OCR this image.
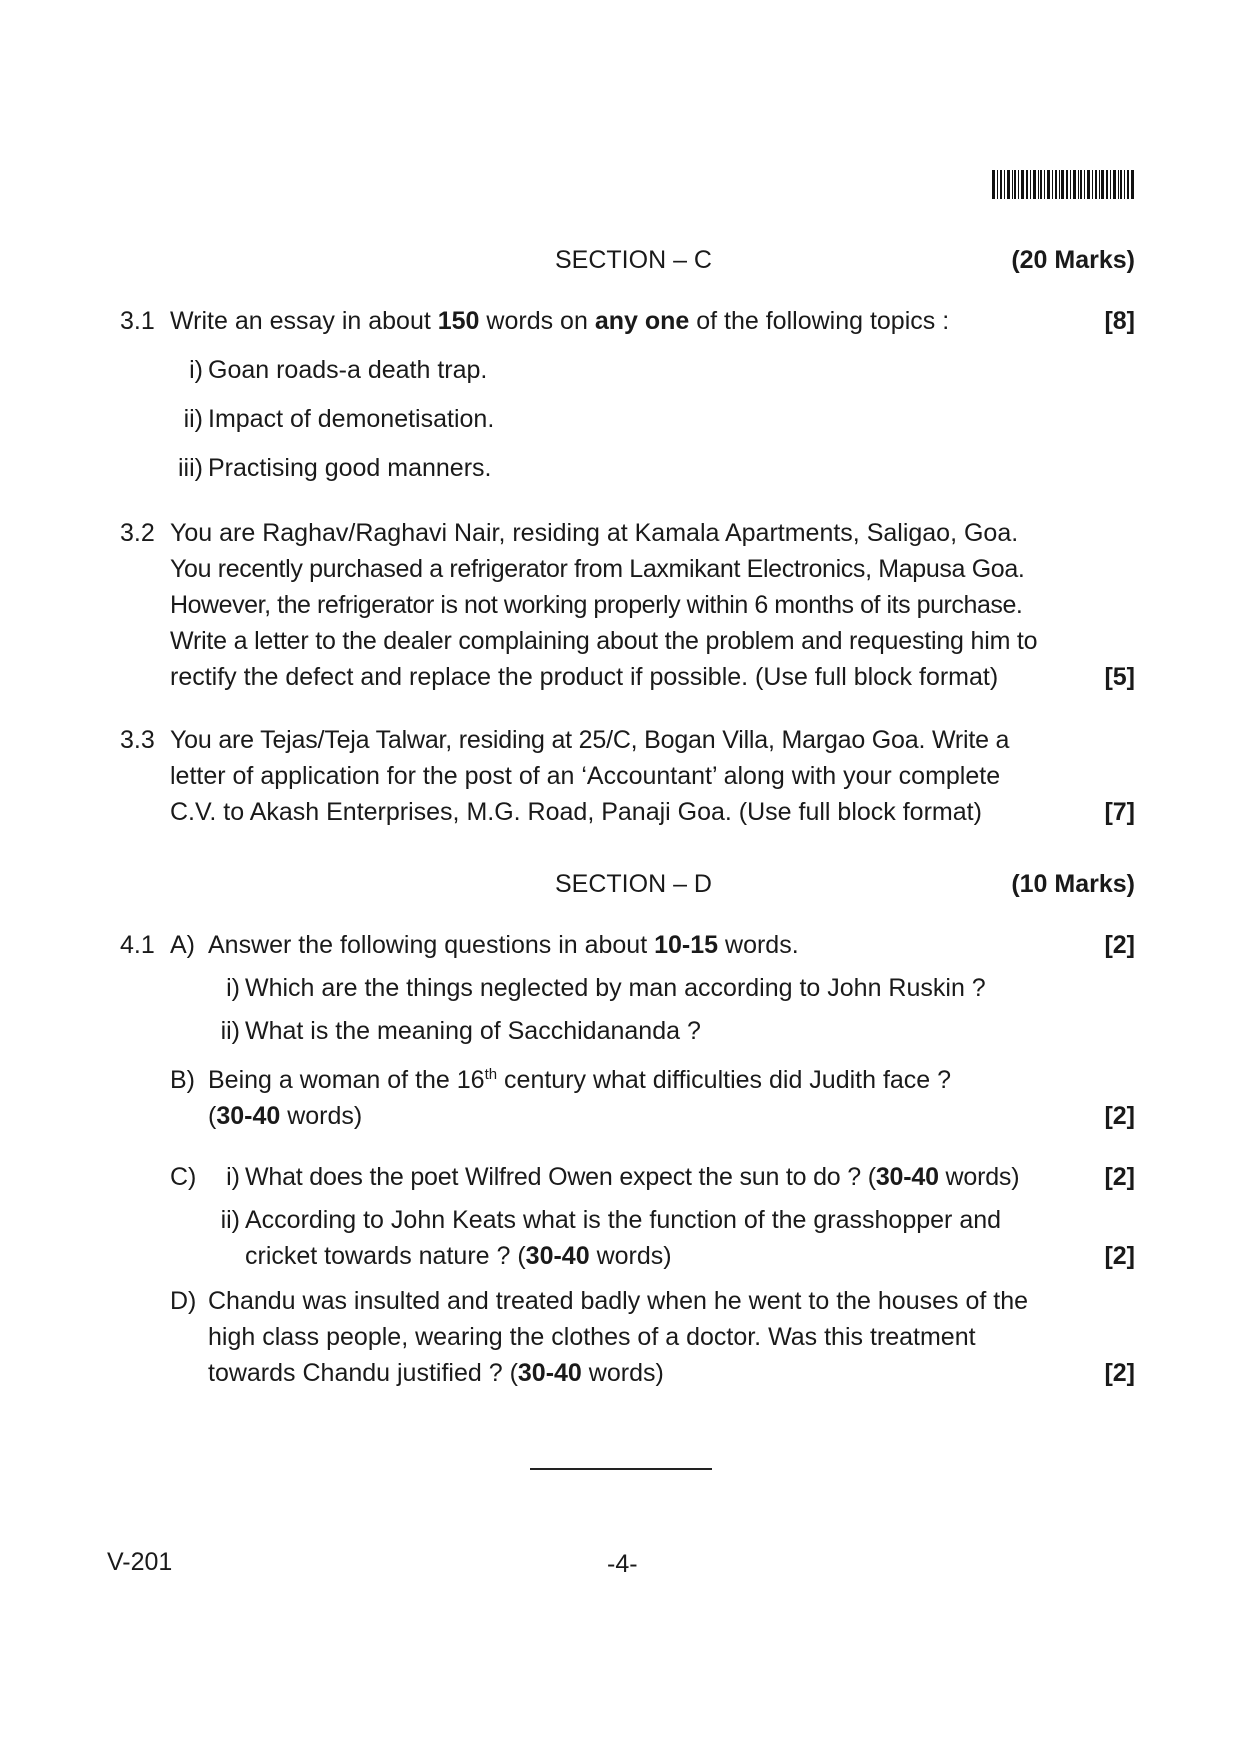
SECTION – C	(20 Marks)
3.1 Write an essay in about 150 words on any one of the following topics :	[8]
i) Goan roads-a death trap.
ii) Impact of demonetisation.
iii) Practising good manners.
3.2 You are Raghav/Raghavi Nair, residing at Kamala Apartments, Saligao, Goa.
You recently purchased a refrigerator from Laxmikant Electronics, Mapusa Goa.
However, the refrigerator is not working properly within 6 months of its purchase.
Write a letter to the dealer complaining about the problem and requesting him to
rectify the defect and replace the product if possible. (Use full block format)	[5]
3.3 You are Tejas/Teja Talwar, residing at 25/C, Bogan Villa, Margao Goa. Write a
letter of application for the post of an ‘Accountant’ along with your complete
C.V. to Akash Enterprises, M.G. Road, Panaji Goa. (Use full block format)	[7]
SECTION – D	(10 Marks)
4.1 A) Answer the following questions in about 10-15 words.	[2]
i) Which are the things neglected by man according to John Ruskin ?
ii) What is the meaning of Sacchidananda ?
B) Being a woman of the 16th century what difficulties did Judith face ?
(30-40 words)	[2]
C)	i) What does the poet Wilfred Owen expect the sun to do ? (30-40 words)	[2]
ii) According to John Keats what is the function of the grasshopper and
cricket towards nature ? (30-40 words)	[2]
D) Chandu was insulted and treated badly when he went to the houses of the
high class people, wearing the clothes of a doctor. Was this treatment
towards Chandu justified ? (30-40 words)	[2]
V-201	-4-
